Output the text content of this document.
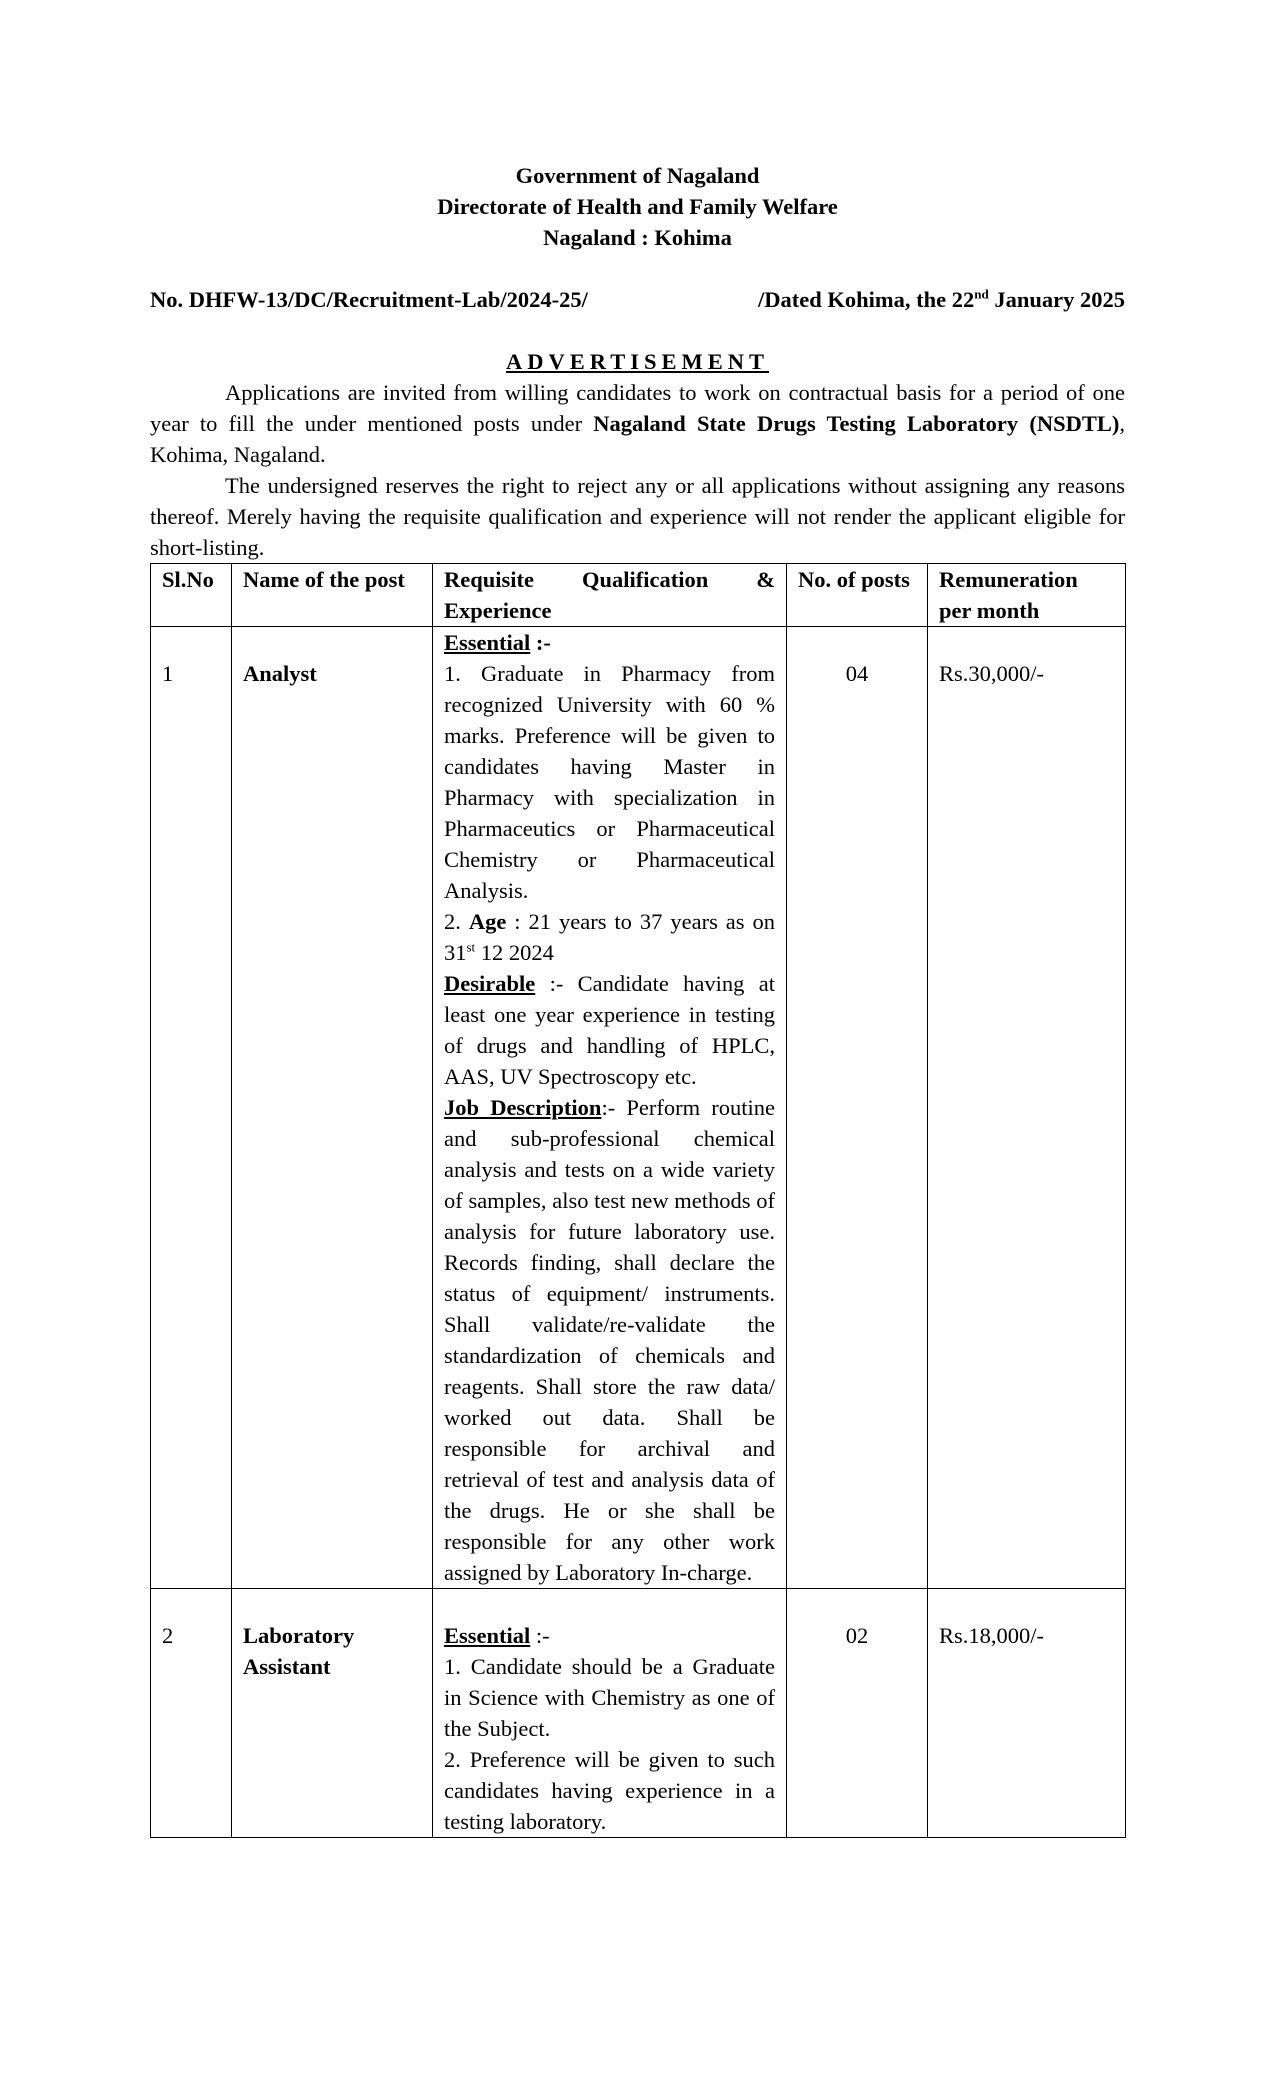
Government of Nagaland
Directorate of Health and Family Welfare
Nagaland : Kohima
No. DHFW-13/DC/Recruitment-Lab/2024-25/	/Dated Kohima, the 22nd January 2025
ADVERTISEMENT
Applications are invited from willing candidates to work on contractual basis for a period of one year to fill the under mentioned posts under Nagaland State Drugs Testing Laboratory (NSDTL), Kohima, Nagaland.
The undersigned reserves the right to reject any or all applications without assigning any reasons thereof. Merely having the requisite qualification and experience will not render the applicant eligible for short-listing.
Sl.No	Name of the post	Requisite Qualification & Experience	No. of posts	Remuneration per month
1	Analyst	Essential :-

1. Graduate in Pharmacy from recognized University with 60 % marks. Preference will be given to candidates having Master in Pharmacy with specialization in Pharmaceutics or Pharmaceutical Chemistry or Pharmaceutical Analysis.

2. Age : 21 years to 37 years as on 31st 12 2024

Desirable :- Candidate having at least one year experience in testing of drugs and handling of HPLC, AAS, UV Spectroscopy etc.

Job Description:- Perform routine and sub-professional chemical analysis and tests on a wide variety of samples, also test new methods of analysis for future laboratory use. Records finding, shall declare the status of equipment/ instruments. Shall validate/re-validate the standardization of chemicals and reagents. Shall store the raw data/ worked out data. Shall be responsible for archival and retrieval of test and analysis data of the drugs. He or she shall be responsible for any other work assigned by Laboratory In-charge.	04	Rs.30,000/-
2	Laboratory Assistant	Essential :-

1. Candidate should be a Graduate in Science with Chemistry as one of the Subject.

2. Preference will be given to such candidates having experience in a testing laboratory.	02	Rs.18,000/-
